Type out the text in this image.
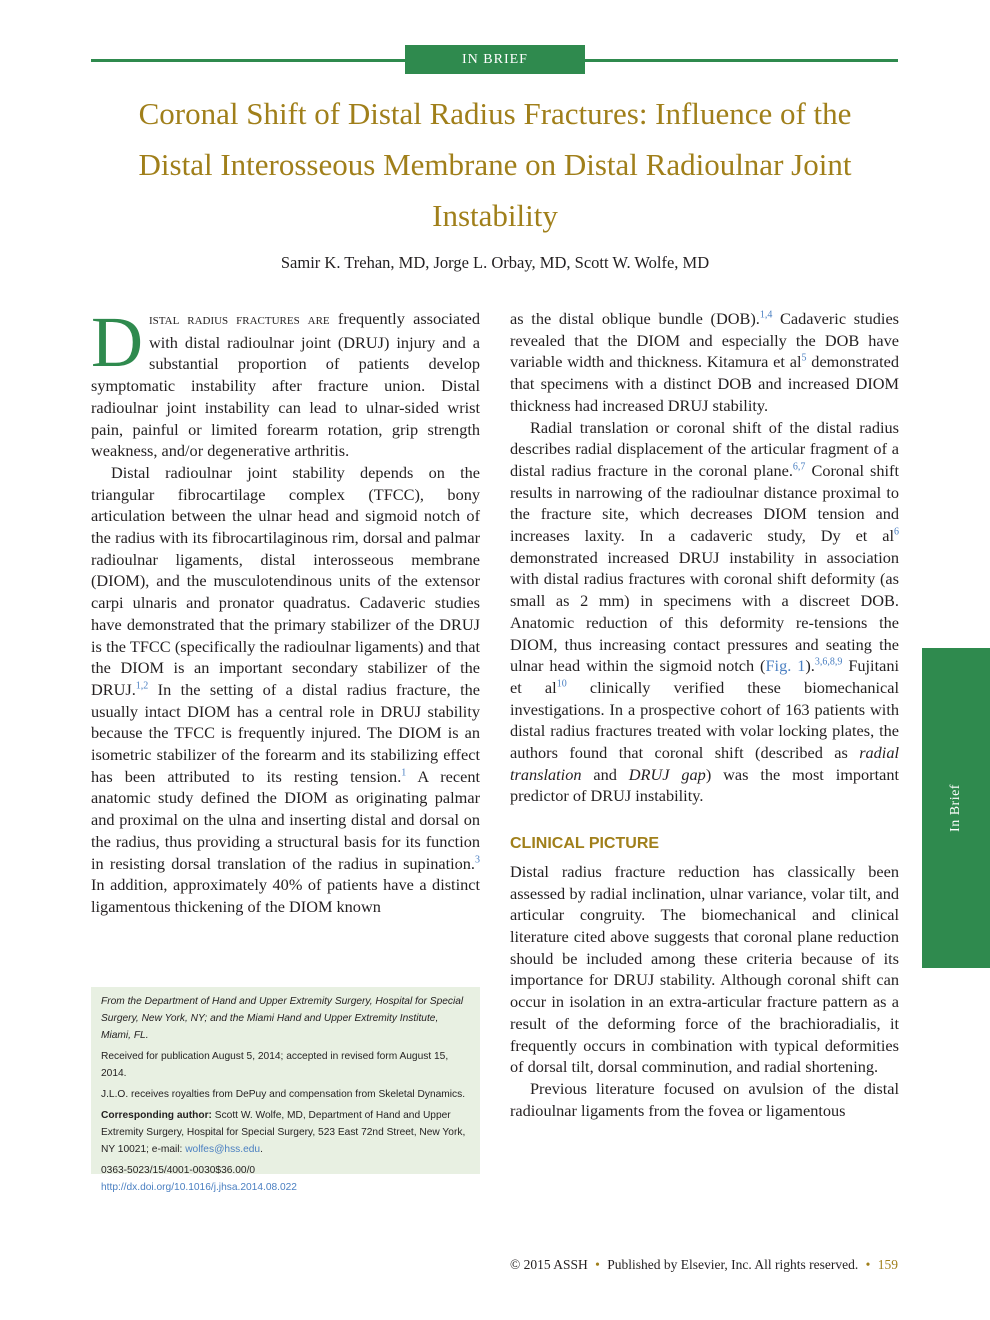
IN BRIEF
Coronal Shift of Distal Radius Fractures: Influence of the Distal Interosseous Membrane on Distal Radioulnar Joint Instability
Samir K. Trehan, MD, Jorge L. Orbay, MD, Scott W. Wolfe, MD

Distal radius fractures are frequently associated with distal radioulnar joint (DRUJ) injury and a substantial proportion of patients develop symptomatic instability after fracture union. Distal radioulnar joint instability can lead to ulnar-sided wrist pain, painful or limited forearm rotation, grip strength weakness, and/or degenerative arthritis.

Distal radioulnar joint stability depends on the triangular fibrocartilage complex (TFCC), bony articulation between the ulnar head and sigmoid notch of the radius with its fibrocartilaginous rim, dorsal and palmar radioulnar ligaments, distal interosseous membrane (DIOM), and the musculotendinous units of the extensor carpi ulnaris and pronator quadratus. Cadaveric studies have demonstrated that the primary stabilizer of the DRUJ is the TFCC (specifically the radioulnar ligaments) and that the DIOM is an important secondary stabilizer of the DRUJ.$^{1,2}$ In the setting of a distal radius fracture, the usually intact DIOM has a central role in DRUJ stability because the TFCC is frequently injured. The DIOM is an isometric stabilizer of the forearm and its stabilizing effect has been attributed to its resting tension.$^1$ A recent anatomic study defined the DIOM as originating palmar and proximal on the ulna and inserting distal and dorsal on the radius, thus providing a structural basis for its function in resisting dorsal translation of the radius in supination.$^3$ In addition, approximately 40% of patients have a distinct ligamentous thickening of the DIOM known

From the Department of Hand and Upper Extremity Surgery, Hospital for Special Surgery, New York, NY; and the Miami Hand and Upper Extremity Institute, Miami, FL.

Received for publication August 5, 2014; accepted in revised form August 15, 2014.

J.L.O. receives royalties from DePuy and compensation from Skeletal Dynamics.

Corresponding author: Scott W. Wolfe, MD, Department of Hand and Upper Extremity Surgery, Hospital for Special Surgery, 523 East 72nd Street, New York, NY 10021; e-mail: wolfes@hss.edu.

0363-5023/15/4001-0030$36.00/0

http://dx.doi.org/10.1016/j.jhsa.2014.08.022

as the distal oblique bundle (DOB).$^{1,4}$ Cadaveric studies revealed that the DIOM and especially the DOB have variable width and thickness. Kitamura et $al^5$ demonstrated that specimens with a distinct DOB and increased DIOM thickness had increased DRUJ stability.

Radial translation or coronal shift of the distal radius describes radial displacement of the articular fragment of a distal radius fracture in the coronal plane.$^{6,7}$ Coronal shift results in narrowing of the radioulnar distance proximal to the fracture site, which decreases DIOM tension and increases laxity. In a cadaveric study, Dy et $al^6$ demonstrated increased DRUJ instability in association with distal radius fractures with coronal shift deformity (as small as 2 mm) in specimens with a discreet DOB. Anatomic reduction of this deformity re-tensions the DIOM, thus increasing contact pressures and seating the ulnar head within the sigmoid notch (Fig. 1).$^{3,6,8,9}$ Fujitani et $al^{10}$ clinically verified these biomechanical investigations. In a prospective cohort of 163 patients with distal radius fractures treated with volar locking plates, the authors found that coronal shift (described as radial translation and DRUJ gap) was the most important predictor of DRUJ instability.

CLINICAL PICTURE

Distal radius fracture reduction has classically been assessed by radial inclination, ulnar variance, volar tilt, and articular congruity. The biomechanical and clinical literature cited above suggests that coronal plane reduction should be included among these criteria because of its importance for DRUJ stability. Although coronal shift can occur in isolation in an extra-articular fracture pattern as a result of the deforming force of the brachioradialis, it frequently occurs in combination with typical deformities of dorsal tilt, dorsal comminution, and radial shortening.

Previous literature focused on avulsion of the distal radioulnar ligaments from the fovea or ligamentous

In Brief
© 2015 ASSH • Published by Elsevier, Inc. All rights reserved. • 159
